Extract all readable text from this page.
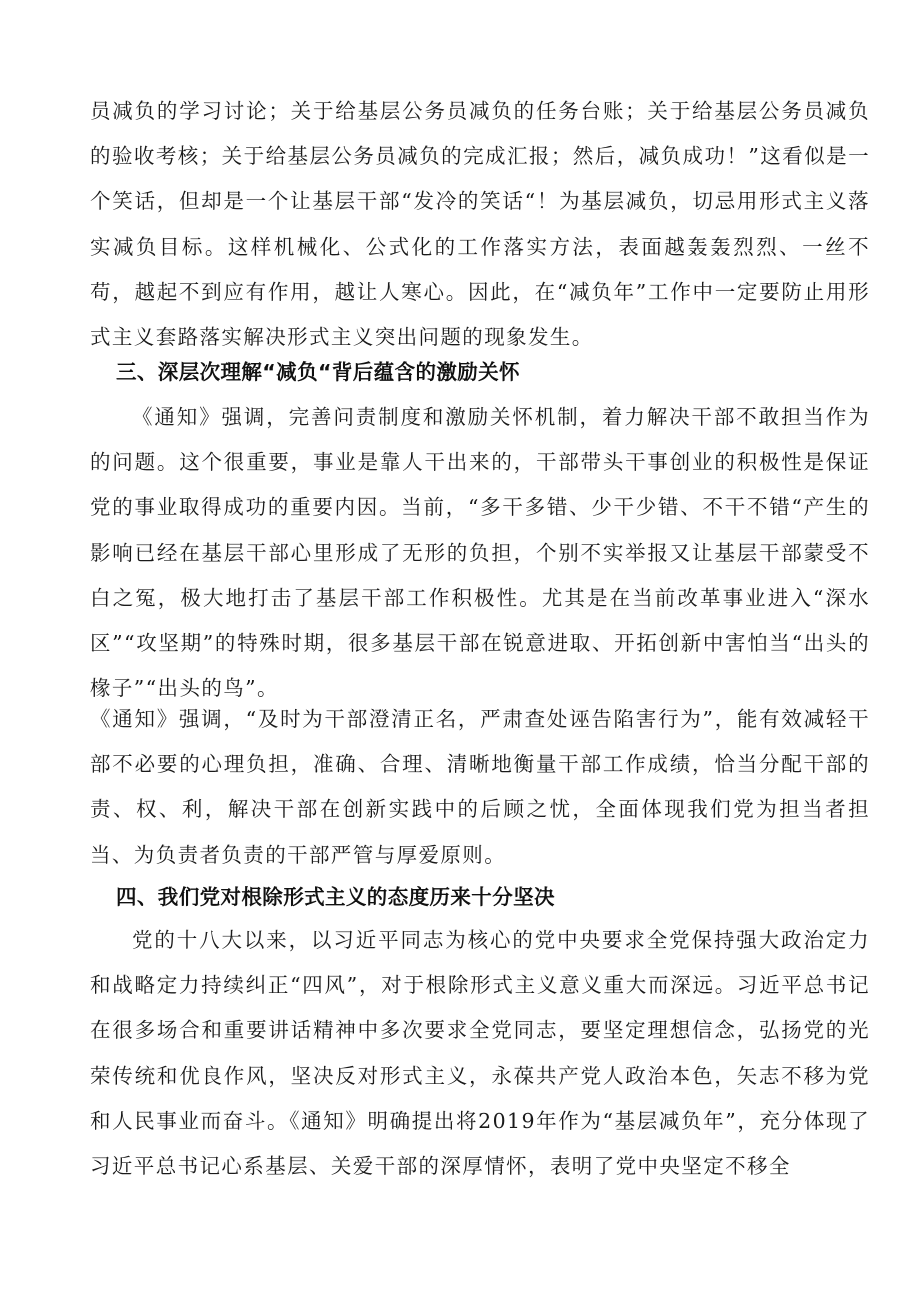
员减负的学习讨论；关于给基层公务员减负的任务台账；关于给基层公务员减负的验收考核；关于给基层公务员减负的完成汇报；然后，减负成功！”这看似是一个笑话，但却是一个让基层干部“发冷的笑话“！为基层减负，切忌用形式主义落实减负目标。这样机械化、公式化的工作落实方法，表面越轰轰烈烈、一丝不苟，越起不到应有作用，越让人寒心。因此，在“减负年”工作中一定要防止用形式主义套路落实解决形式主义突出问题的现象发生。

三、深层次理解“减负“背后蕴含的激励关怀

《通知》强调，完善问责制度和激励关怀机制，着力解决干部不敢担当作为的问题。这个很重要，事业是靠人干出来的，干部带头干事创业的积极性是保证党的事业取得成功的重要内因。当前，“多干多错、少干少错、不干不错“产生的影响已经在基层干部心里形成了无形的负担，个别不实举报又让基层干部蒙受不白之冤，极大地打击了基层干部工作积极性。尤其是在当前改革事业进入“深水区”“攻坚期”的特殊时期，很多基层干部在锐意进取、开拓创新中害怕当“出头的椽子”“出头的鸟”。

《通知》强调，“及时为干部澄清正名，严肃查处诬告陷害行为”，能有效减轻干部不必要的心理负担，准确、合理、清晰地衡量干部工作成绩，恰当分配干部的责、权、利，解决干部在创新实践中的后顾之忧，全面体现我们党为担当者担当、为负责者负责的干部严管与厚爱原则。

四、我们党对根除形式主义的态度历来十分坚决

党的十八大以来，以习近平同志为核心的党中央要求全党保持强大政治定力和战略定力持续纠正“四风”，对于根除形式主义意义重大而深远。习近平总书记在很多场合和重要讲话精神中多次要求全党同志，要坚定理想信念，弘扬党的光荣传统和优良作风，坚决反对形式主义，永葆共产党人政治本色，矢志不移为党和人民事业而奋斗。《通知》明确提出将2019年作为“基层减负年”，充分体现了习近平总书记心系基层、关爱干部的深厚情怀，表明了党中央坚定不移全
